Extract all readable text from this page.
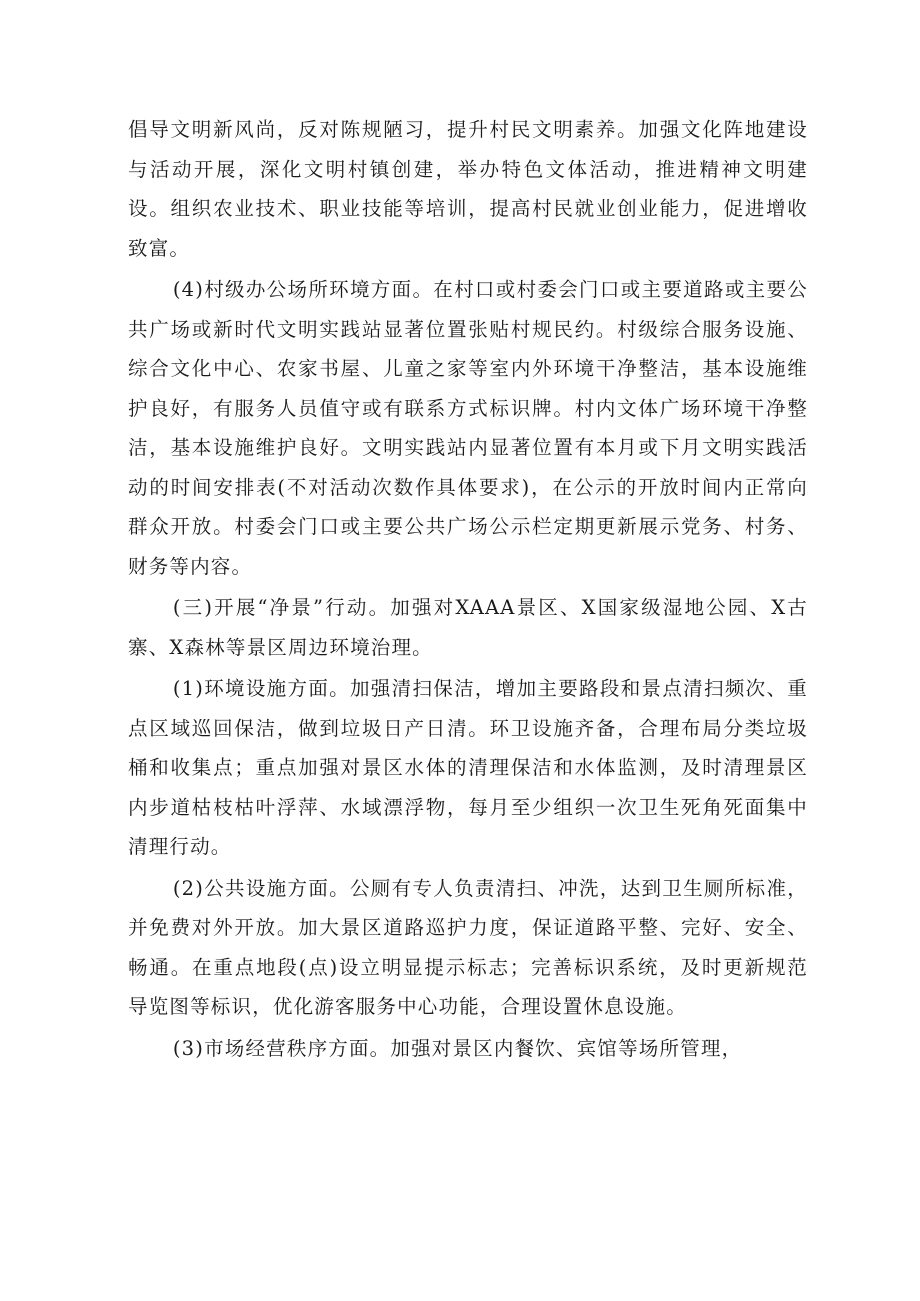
倡导文明新风尚，反对陈规陋习，提升村民文明素养。加强文化阵地建设与活动开展，深化文明村镇创建，举办特色文体活动，推进精神文明建设。组织农业技术、职业技能等培训，提高村民就业创业能力，促进增收致富。

(4)村级办公场所环境方面。在村口或村委会门口或主要道路或主要公共广场或新时代文明实践站显著位置张贴村规民约。村级综合服务设施、综合文化中心、农家书屋、儿童之家等室内外环境干净整洁，基本设施维护良好，有服务人员值守或有联系方式标识牌。村内文体广场环境干净整洁，基本设施维护良好。文明实践站内显著位置有本月或下月文明实践活动的时间安排表(不对活动次数作具体要求)，在公示的开放时间内正常向群众开放。村委会门口或主要公共广场公示栏定期更新展示党务、村务、财务等内容。

(三)开展“净景”行动。加强对XAAA景区、X国家级湿地公园、X古寨、X森林等景区周边环境治理。

(1)环境设施方面。加强清扫保洁，增加主要路段和景点清扫频次、重点区域巡回保洁，做到垃圾日产日清。环卫设施齐备，合理布局分类垃圾桶和收集点；重点加强对景区水体的清理保洁和水体监测，及时清理景区内步道枯枝枯叶浮萍、水域漂浮物，每月至少组织一次卫生死角死面集中清理行动。

(2)公共设施方面。公厕有专人负责清扫、冲洗，达到卫生厕所标准，并免费对外开放。加大景区道路巡护力度，保证道路平整、完好、安全、畅通。在重点地段(点)设立明显提示标志；完善标识系统，及时更新规范导览图等标识，优化游客服务中心功能，合理设置休息设施。

(3)市场经营秩序方面。加强对景区内餐饮、宾馆等场所管理，
